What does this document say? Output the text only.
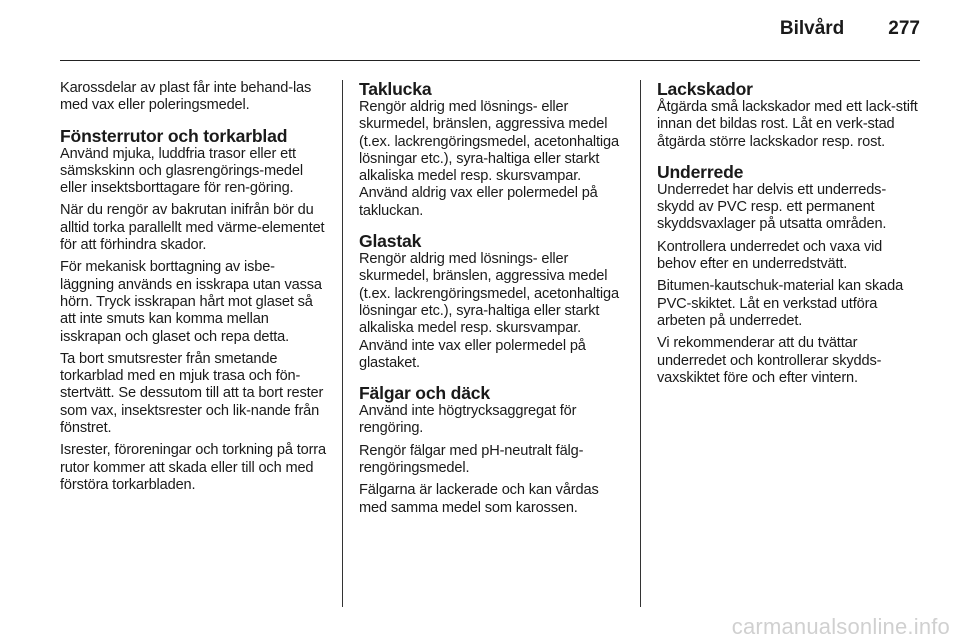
Bilvård 277

Karossdelar av plast får inte behand-las med vax eller poleringsmedel.

Fönsterrutor och torkarblad

Använd mjuka, luddfria trasor eller ett sämskskinn och glasrengörings-medel eller insektsborttagare för ren-göring.

När du rengör av bakrutan inifrån bör du alltid torka parallellt med värme-elementet för att förhindra skador.

För mekanisk borttagning av isbe-läggning används en isskrapa utan vassa hörn. Tryck isskrapan hårt mot glaset så att inte smuts kan komma mellan isskrapan och glaset och repa detta.

Ta bort smutsrester från smetande torkarblad med en mjuk trasa och fön-stertvätt. Se dessutom till att ta bort rester som vax, insektsrester och lik-nande från fönstret.

Isrester, föroreningar och torkning på torra rutor kommer att skada eller till och med förstöra torkarbladen.

Taklucka

Rengör aldrig med lösnings- eller skurmedel, bränslen, aggressiva medel (t.ex. lackrengöringsmedel, acetonhaltiga lösningar etc.), syra-haltiga eller starkt alkaliska medel resp. skursvampar. Använd aldrig vax eller polermedel på takluckan.

Glastak

Rengör aldrig med lösnings- eller skurmedel, bränslen, aggressiva medel (t.ex. lackrengöringsmedel, acetonhaltiga lösningar etc.), syra-haltiga eller starkt alkaliska medel resp. skursvampar. Använd inte vax eller polermedel på glastaket.

Fälgar och däck

Använd inte högtrycksaggregat för rengöring.

Rengör fälgar med pH-neutralt fälg-rengöringsmedel.

Fälgarna är lackerade och kan vårdas med samma medel som karossen.

Lackskador

Åtgärda små lackskador med ett lack-stift innan det bildas rost. Låt en verk-stad åtgärda större lackskador resp. rost.

Underrede

Underredet har delvis ett underreds-skydd av PVC resp. ett permanent skyddsvaxlager på utsatta områden.

Kontrollera underredet och vaxa vid behov efter en underredstvätt.

Bitumen-kautschuk-material kan skada PVC-skiktet. Låt en verkstad utföra arbeten på underredet.

Vi rekommenderar att du tvättar underredet och kontrollerar skydds-vaxskiktet före och efter vintern.

carmanualsonline.info
